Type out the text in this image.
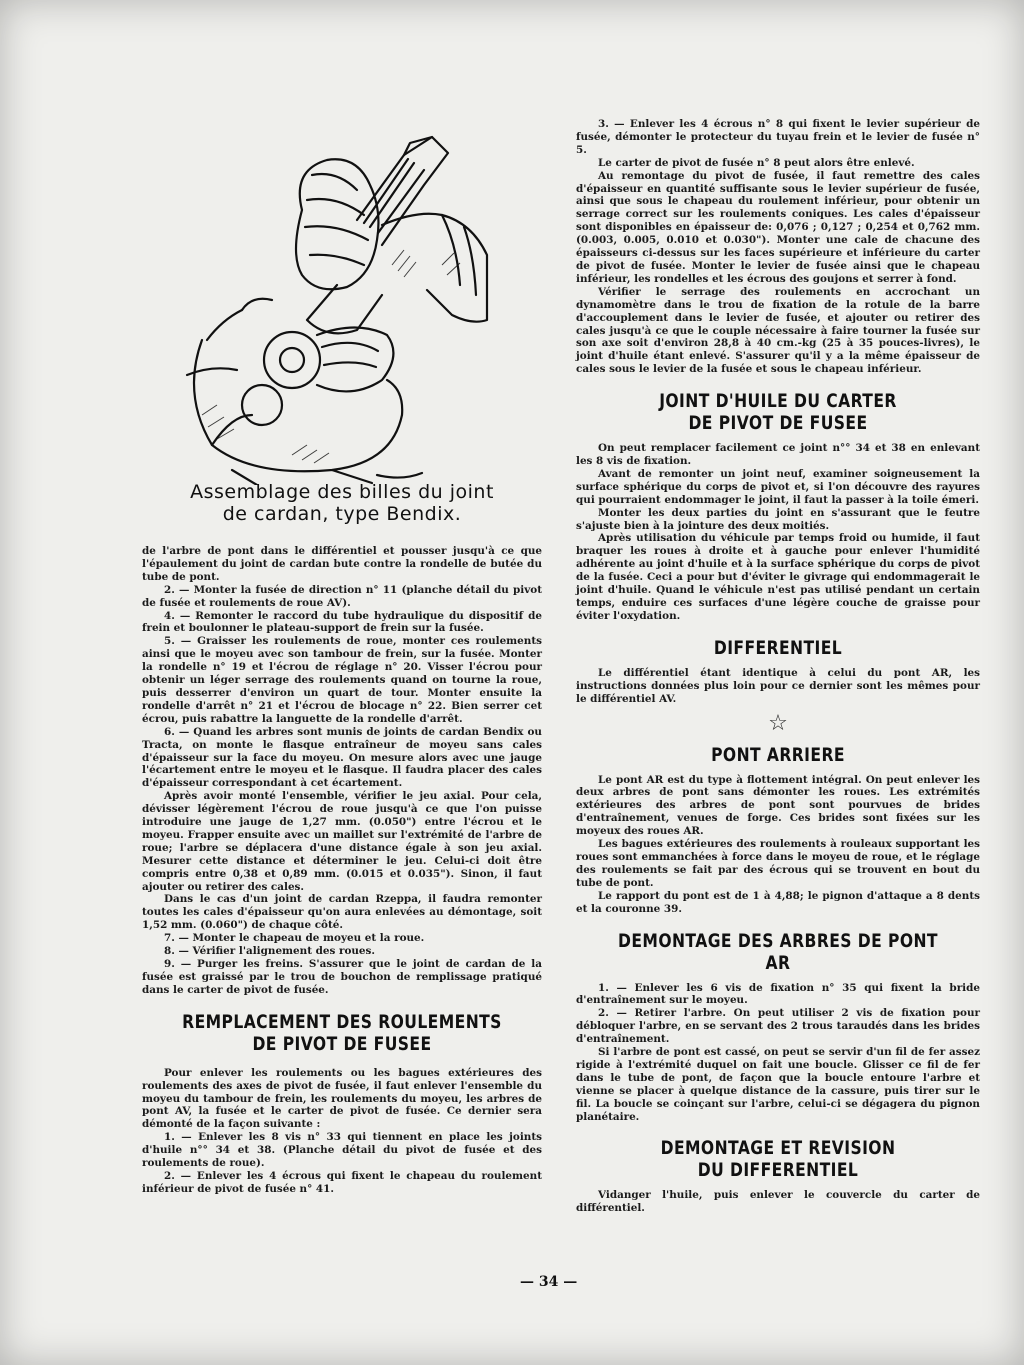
Assemblage des billes du joint
de cardan, type Bendix.

de l'arbre de pont dans le différentiel et pousser jusqu'à ce que l'épaulement du joint de cardan bute contre la rondelle de butée du tube de pont.

2. — Monter la fusée de direction n° 11 (planche détail du pivot de fusée et roulements de roue AV).

4. — Remonter le raccord du tube hydraulique du dispositif de frein et boulonner le plateau-support de frein sur la fusée.

5. — Graisser les roulements de roue, monter ces roulements ainsi que le moyeu avec son tambour de frein, sur la fusée. Monter la rondelle n° 19 et l'écrou de réglage n° 20. Visser l'écrou pour obtenir un léger serrage des roulements quand on tourne la roue, puis desserrer d'environ un quart de tour. Monter ensuite la rondelle d'arrêt n° 21 et l'écrou de blocage n° 22. Bien serrer cet écrou, puis rabattre la languette de la rondelle d'arrêt.

6. — Quand les arbres sont munis de joints de cardan Bendix ou Tracta, on monte le flasque entraîneur de moyeu sans cales d'épaisseur sur la face du moyeu. On mesure alors avec une jauge l'écartement entre le moyeu et le flasque. Il faudra placer des cales d'épaisseur correspondant à cet écartement.

Après avoir monté l'ensemble, vérifier le jeu axial. Pour cela, dévisser légèrement l'écrou de roue jusqu'à ce que l'on puisse introduire une jauge de 1,27 mm. (0.050") entre l'écrou et le moyeu. Frapper ensuite avec un maillet sur l'extrémité de l'arbre de roue; l'arbre se déplacera d'une distance égale à son jeu axial. Mesurer cette distance et déterminer le jeu. Celui-ci doit être compris entre 0,38 et 0,89 mm. (0.015 et 0.035"). Sinon, il faut ajouter ou retirer des cales.

Dans le cas d'un joint de cardan Rzeppa, il faudra remonter toutes les cales d'épaisseur qu'on aura enlevées au démontage, soit 1,52 mm. (0.060") de chaque côté.

7. — Monter le chapeau de moyeu et la roue.

8. — Vérifier l'alignement des roues.

9. — Purger les freins. S'assurer que le joint de cardan de la fusée est graissé par le trou de bouchon de remplissage pratiqué dans le carter de pivot de fusée.

REMPLACEMENT DES ROULEMENTS
DE PIVOT DE FUSEE

Pour enlever les roulements ou les bagues extérieures des roulements des axes de pivot de fusée, il faut enlever l'ensemble du moyeu du tambour de frein, les roulements du moyeu, les arbres de pont AV, la fusée et le carter de pivot de fusée. Ce dernier sera démonté de la façon suivante :

1. — Enlever les 8 vis n° 33 qui tiennent en place les joints d'huile n°° 34 et 38. (Planche détail du pivot de fusée et des roulements de roue).

2. — Enlever les 4 écrous qui fixent le chapeau du roulement inférieur de pivot de fusée n° 41.

3. — Enlever les 4 écrous n° 8 qui fixent le levier supérieur de fusée, démonter le protecteur du tuyau frein et le levier de fusée n° 5.

Le carter de pivot de fusée n° 8 peut alors être enlevé.

Au remontage du pivot de fusée, il faut remettre des cales d'épaisseur en quantité suffisante sous le levier supérieur de fusée, ainsi que sous le chapeau du roulement inférieur, pour obtenir un serrage correct sur les roulements coniques. Les cales d'épaisseur sont disponibles en épaisseur de: 0,076 ; 0,127 ; 0,254 et 0,762 mm. (0.003, 0.005, 0.010 et 0.030"). Monter une cale de chacune des épaisseurs ci-dessus sur les faces supérieure et inférieure du carter de pivot de fusée. Monter le levier de fusée ainsi que le chapeau inférieur, les rondelles et les écrous des goujons et serrer à fond.

Vérifier le serrage des roulements en accrochant un dynamomètre dans le trou de fixation de la rotule de la barre d'accouplement dans le levier de fusée, et ajouter ou retirer des cales jusqu'à ce que le couple nécessaire à faire tourner la fusée sur son axe soit d'environ 28,8 à 40 cm.-kg (25 à 35 pouces-livres), le joint d'huile étant enlevé. S'assurer qu'il y a la même épaisseur de cales sous le levier de la fusée et sous le chapeau inférieur.

JOINT D'HUILE DU CARTER
DE PIVOT DE FUSEE

On peut remplacer facilement ce joint n°° 34 et 38 en enlevant les 8 vis de fixation.

Avant de remonter un joint neuf, examiner soigneusement la surface sphérique du corps de pivot et, si l'on découvre des rayures qui pourraient endommager le joint, il faut la passer à la toile émeri.

Monter les deux parties du joint en s'assurant que le feutre s'ajuste bien à la jointure des deux moitiés.

Après utilisation du véhicule par temps froid ou humide, il faut braquer les roues à droite et à gauche pour enlever l'humidité adhérente au joint d'huile et à la surface sphérique du corps de pivot de la fusée. Ceci a pour but d'éviter le givrage qui endommagerait le joint d'huile. Quand le véhicule n'est pas utilisé pendant un certain temps, enduire ces surfaces d'une légère couche de graisse pour éviter l'oxydation.

DIFFERENTIEL

Le différentiel étant identique à celui du pont AR, les instructions données plus loin pour ce dernier sont les mêmes pour le différentiel AV.

☆
PONT ARRIERE

Le pont AR est du type à flottement intégral. On peut enlever les deux arbres de pont sans démonter les roues. Les extrémités extérieures des arbres de pont sont pourvues de brides d'entraînement, venues de forge. Ces brides sont fixées sur les moyeux des roues AR.

Les bagues extérieures des roulements à rouleaux supportant les roues sont emmanchées à force dans le moyeu de roue, et le réglage des roulements se fait par des écrous qui se trouvent en bout du tube de pont.

Le rapport du pont est de 1 à 4,88; le pignon d'attaque a 8 dents et la couronne 39.

DEMONTAGE DES ARBRES DE PONT AR

1. — Enlever les 6 vis de fixation n° 35 qui fixent la bride d'entraînement sur le moyeu.

2. — Retirer l'arbre. On peut utiliser 2 vis de fixation pour débloquer l'arbre, en se servant des 2 trous taraudés dans les brides d'entraînement.

Si l'arbre de pont est cassé, on peut se servir d'un fil de fer assez rigide à l'extrémité duquel on fait une boucle. Glisser ce fil de fer dans le tube de pont, de façon que la boucle entoure l'arbre et vienne se placer à quelque distance de la cassure, puis tirer sur le fil. La boucle se coinçant sur l'arbre, celui-ci se dégagera du pignon planétaire.

DEMONTAGE ET REVISION
DU DIFFERENTIEL

Vidanger l'huile, puis enlever le couvercle du carter de différentiel.

— 34 —
